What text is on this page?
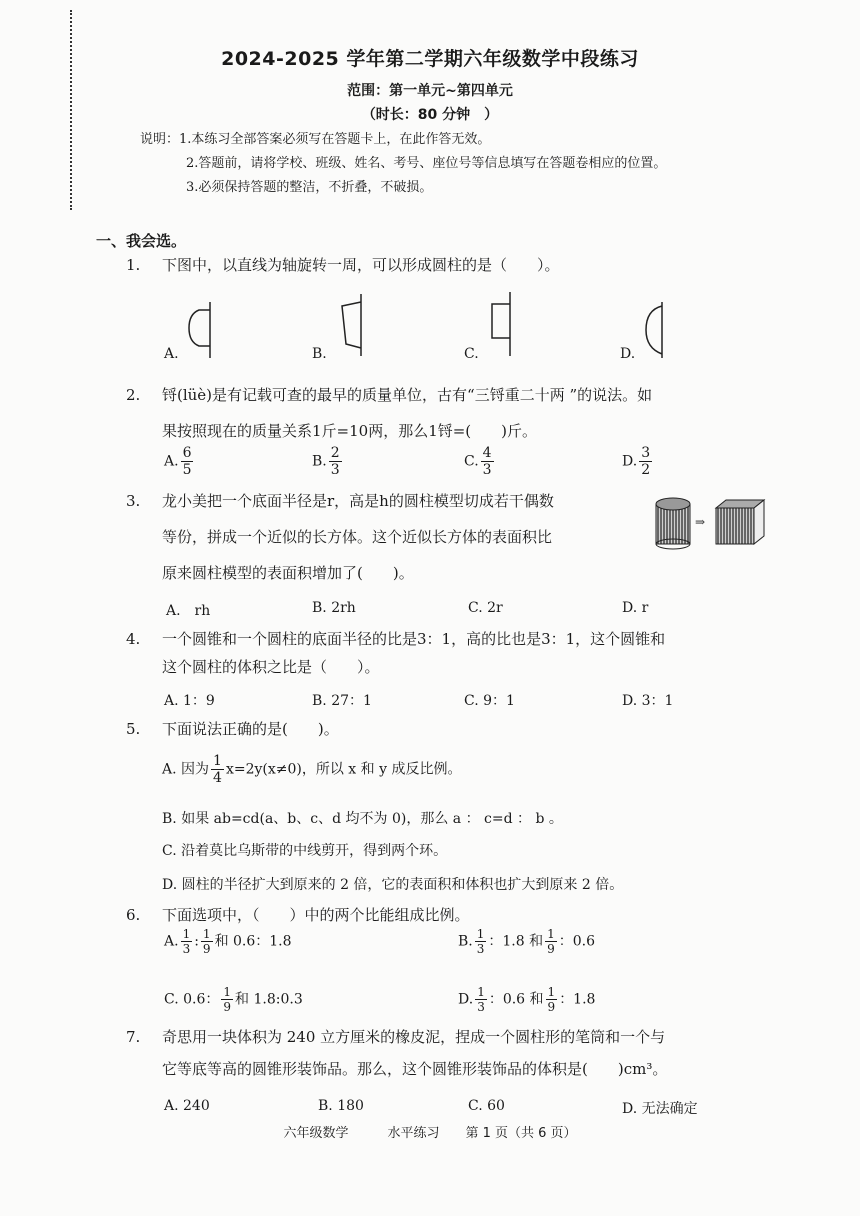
2024-2025 学年第二学期六年级数学中段练习
范围：第一单元~第四单元
（时长：80 分钟　）
说明：1.本练习全部答案必须写在答题卡上，在此作答无效。
2.答题前，请将学校、班级、姓名、考号、座位号等信息填写在答题卷相应的位置。
3.必须保持答题的整洁，不折叠，不破损。
一、我会选。
1. 下图中，以直线为轴旋转一周，可以形成圆柱的是（　　）。
A.	B.	C.	D.
2. 锊(lüè)是有记载可查的最早的质量单位，古有“三锊重二十两 ”的说法。如
果按照现在的质量关系1斤=10两，那么1锊=(　　)斤。
A. $\frac{6}{5}$	B. $\frac{2}{3}$	C. $\frac{4}{3}$	D. $\frac{3}{2}$
3. 龙小美把一个底面半径是r，高是h的圆柱模型切成若干偶数
等份，拼成一个近似的长方体。这个近似长方体的表面积比
原来圆柱模型的表面积增加了(　　)。
A.　rh	B. 2rh	C. 2r	D. r
⇒
4. 一个圆锥和一个圆柱的底面半径的比是3：1，高的比也是3：1，这个圆锥和
这个圆柱的体积之比是（　　）。
A. 1：9	B. 27：1	C. 9：1	D. 3：1
5. 下面说法正确的是(　　)。
A. 因为 $\frac{1}{4} x=2y(x\ne 0)$，所以 x 和 y 成反比例。
B. 如果 ab=cd(a、b、c、d 均不为 0)，那么 a ： c=d ： b 。
C. 沿着莫比乌斯带的中线剪开，得到两个环。
D. 圆柱的半径扩大到原来的 2 倍，它的表面积和体积也扩大到原来 2 倍。
6. 下面选项中，（　　）中的两个比能组成比例。
A. $\frac{1}{3}$ : $\frac{1}{9}$ 和 0.6：1.8	B. $\frac{1}{3}$ ：1.8 和 $\frac{1}{9}$ ：0.6
C. 0.6： $\frac{1}{9}$ 和 1.8:0.3	D. $\frac{1}{3}$ ：0.6 和 $\frac{1}{9}$ ：1.8
7. 奇思用一块体积为 240 立方厘米的橡皮泥，捏成一个圆柱形的笔筒和一个与
它等底等高的圆锥形装饰品。那么，这个圆锥形装饰品的体积是(　　)cm³。
A. 240	B. 180	C. 60	D. 无法确定
六年级数学　　　水平练习　　第 1 页（共 6 页）
